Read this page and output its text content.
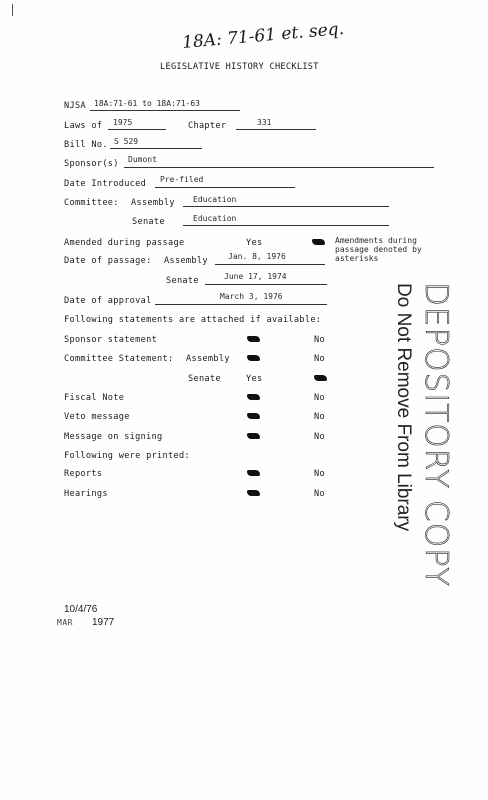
18A: 71-61 et. seq.
LEGISLATIVE HISTORY CHECKLIST
NJSA 18A:71-61 to 18A:71-63
Laws of 1975	Chapter	331
Bill No. S 529
Sponsor(s) Dumont
Date Introduced Pre-filed
Committee: Assembly Education
Senate	Education
Amended during passage	Yes	Amendments during
passage denoted by
asterisks
Date of passage: Assembly	Jan. 8, 1976
Senate	June 17, 1974
Date of approval	March 3, 1976
Following statements are attached if available:
Sponsor statement	No
Committee Statement: Assembly	No
Senate	Yes
Fiscal Note	No
Veto message	No
Message on signing	No
Following were printed:
Reports	No
Hearings	No	DEPOSITORY COPY
Do Not Remove From Library
10/4/76
MAR 1977
